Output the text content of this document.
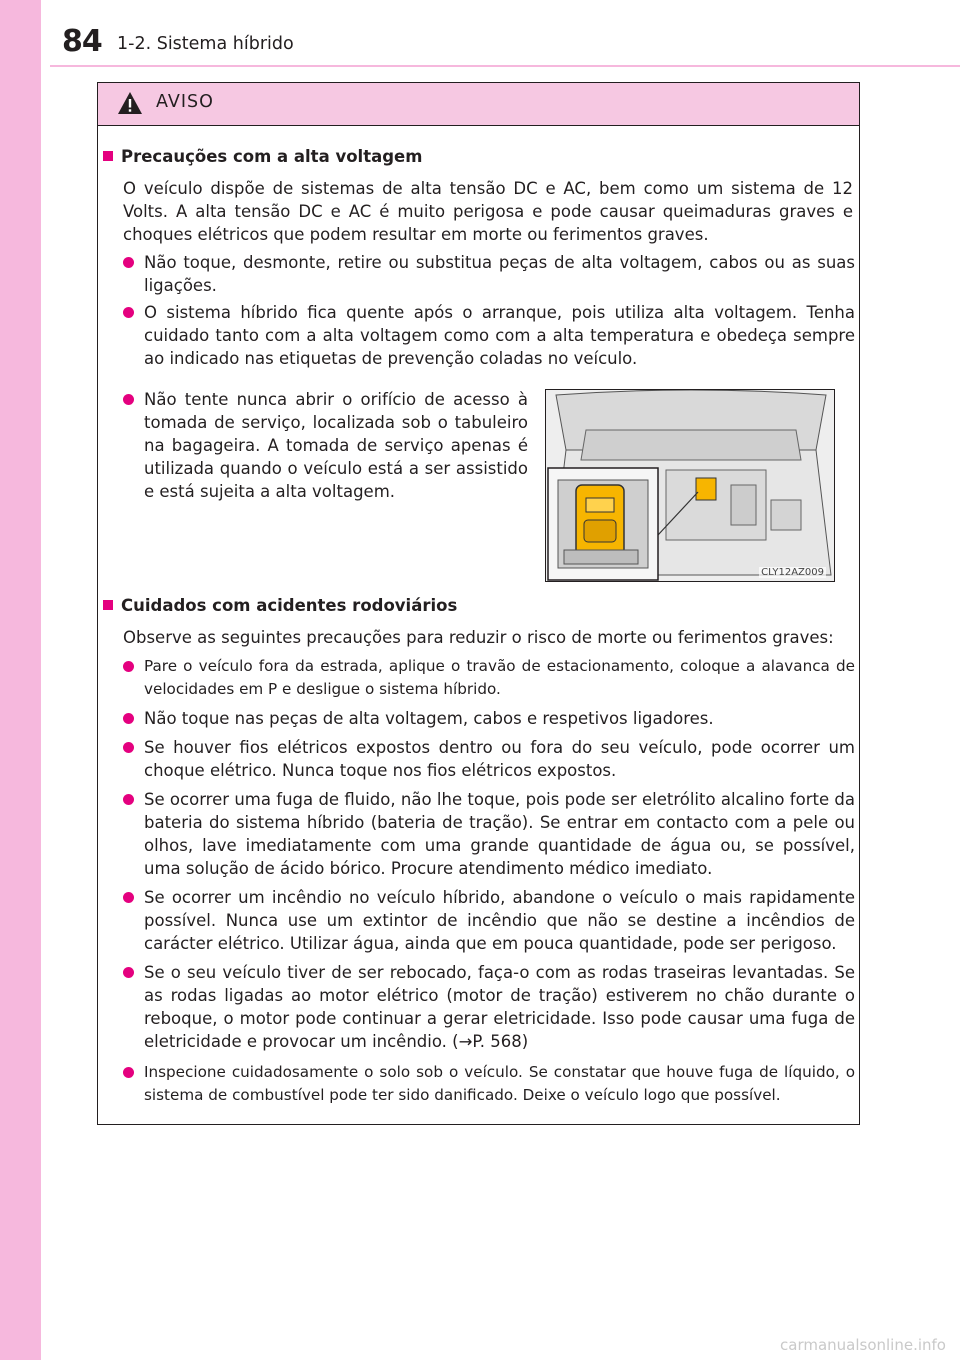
84 1-2. Sistema híbrido
AVISO
Precauções com a alta voltagem
O veículo dispõe de sistemas de alta tensão DC e AC, bem como um sistema de 12 Volts. A alta tensão DC e AC é muito perigosa e pode causar queimaduras graves e choques elétricos que podem resultar em morte ou ferimentos graves.
Não toque, desmonte, retire ou substitua peças de alta voltagem, cabos ou as suas ligações.
O sistema híbrido fica quente após o arranque, pois utiliza alta voltagem. Tenha cuidado tanto com a alta voltagem como com a alta temperatura e obedeça sempre ao indicado nas etiquetas de prevenção coladas no veículo.
Não tente nunca abrir o orifício de acesso à tomada de serviço, localizada sob o tabuleiro na bagageira. A tomada de serviço apenas é utilizada quando o veículo está a ser assistido e está sujeita a alta voltagem.
CLY12AZ009
Cuidados com acidentes rodoviários
Observe as seguintes precauções para reduzir o risco de morte ou ferimentos graves:
Pare o veículo fora da estrada, aplique o travão de estacionamento, coloque a alavanca de velocidades em P e desligue o sistema híbrido.
Não toque nas peças de alta voltagem, cabos e respetivos ligadores.
Se houver fios elétricos expostos dentro ou fora do seu veículo, pode ocorrer um choque elétrico. Nunca toque nos fios elétricos expostos.
Se ocorrer uma fuga de fluido, não lhe toque, pois pode ser eletrólito alcalino forte da bateria do sistema híbrido (bateria de tração). Se entrar em contacto com a pele ou olhos, lave imediatamente com uma grande quantidade de água ou, se possível, uma solução de ácido bórico. Procure atendimento médico imediato.
Se ocorrer um incêndio no veículo híbrido, abandone o veículo o mais rapidamente possível. Nunca use um extintor de incêndio que não se destine a incêndios de carácter elétrico. Utilizar água, ainda que em pouca quantidade, pode ser perigoso.
Se o seu veículo tiver de ser rebocado, faça-o com as rodas traseiras levantadas. Se as rodas ligadas ao motor elétrico (motor de tração) estiverem no chão durante o reboque, o motor pode continuar a gerar eletricidade. Isso pode causar uma fuga de eletricidade e provocar um incêndio. (→P. 568)
Inspecione cuidadosamente o solo sob o veículo. Se constatar que houve fuga de líquido, o sistema de combustível pode ter sido danificado. Deixe o veículo logo que possível.
carmanualsonline.info
